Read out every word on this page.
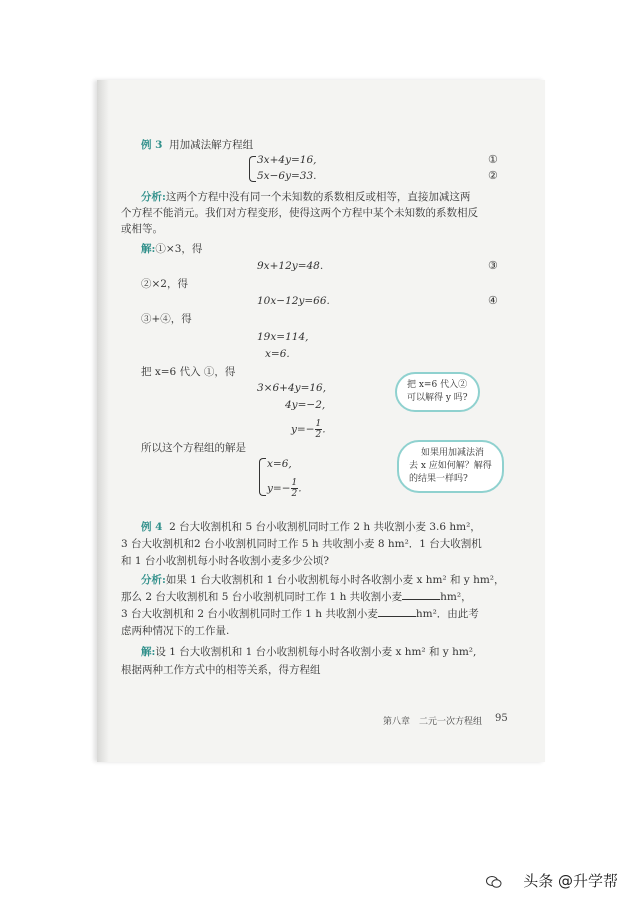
例 3 用加减法解方程组
3x+4y=16,	①
5x−6y=33.	②
分析:这两个方程中没有同一个未知数的系数相反或相等，直接加减这两
个方程不能消元。我们对方程变形，使得这两个方程中某个未知数的系数相反
或相等。
解:①×3，得
9x+12y=48.	③
②×2，得
10x−12y=66.	④
③+④，得
19x=114,
x=6.
把 x=6 代入 ①，得
3×6+4y=16,
4y=−2,
$y=- \frac{1}{2}$ .
所以这个方程组的解是
x=6,
$y=- \frac{1}{2}$ .
把 x=6 代入②
可以解得 y 吗?
如果用加减法消
去 x 应如何解？解得
的结果一样吗?
例 4 2 台大收割机和 5 台小收割机同时工作 2 h 共收割小麦 3.6 hm²，
3 台大收割机和2 台小收割机同时工作 5 h 共收割小麦 8 hm²．1 台大收割机
和 1 台小收割机每小时各收割小麦多少公顷?
分析:如果 1 台大收割机和 1 台小收割机每小时各收割小麦 x hm² 和 y hm²，
那么 2 台大收割机和 5 台小收割机同时工作 1 h 共收割小麦	hm²，
3 台大收割机和 2 台小收割机同时工作 1 h 共收割小麦	hm²．由此考
虑两种情况下的工作量.
解:设 1 台大收割机和 1 台小收割机每小时各收割小麦 x hm² 和 y hm²,
根据两种工作方式中的相等关系，得方程组
第八章　二元一次方程组 95
头条 @升学帮
